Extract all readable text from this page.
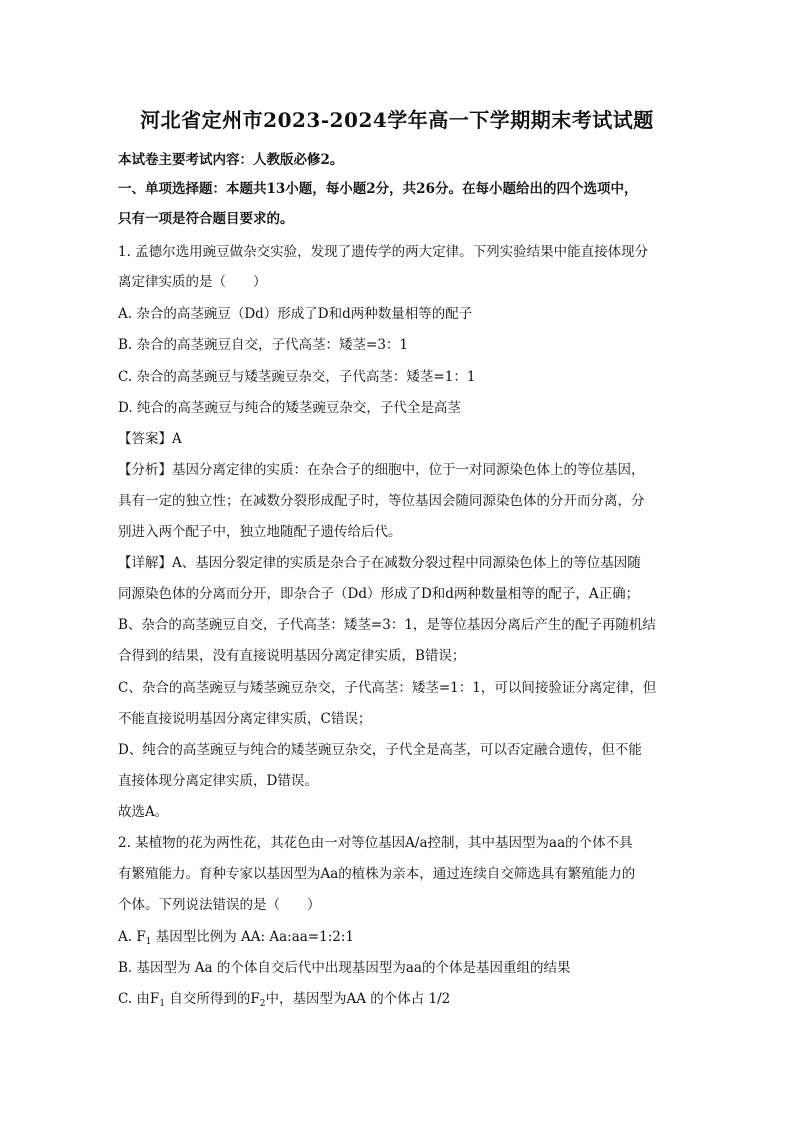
河北省定州市2023-2024学年高一下学期期末考试试题
本试卷主要考试内容：人教版必修2。
一、单项选择题：本题共13小题，每小题2分，共26分。在每小题给出的四个选项中，
只有一项是符合题目要求的。
1. 孟德尔选用豌豆做杂交实验，发现了遗传学的两大定律。下列实验结果中能直接体现分
离定律实质的是（　　）
A. 杂合的高茎豌豆（Dd）形成了D和d两种数量相等的配子
B. 杂合的高茎豌豆自交，子代高茎：矮茎=3：1
C. 杂合的高茎豌豆与矮茎豌豆杂交，子代高茎：矮茎=1：1
D. 纯合的高茎豌豆与纯合的矮茎豌豆杂交，子代全是高茎
【答案】A
【分析】基因分离定律的实质：在杂合子的细胞中，位于一对同源染色体上的等位基因，
具有一定的独立性；在减数分裂形成配子时，等位基因会随同源染色体的分开而分离，分
别进入两个配子中，独立地随配子遗传给后代。
【详解】A、基因分裂定律的实质是杂合子在减数分裂过程中同源染色体上的等位基因随
同源染色体的分离而分开，即杂合子（Dd）形成了D和d两种数量相等的配子，A正确；
B、杂合的高茎豌豆自交，子代高茎：矮茎=3：1，是等位基因分离后产生的配子再随机结
合得到的结果，没有直接说明基因分离定律实质，B错误；
C、杂合的高茎豌豆与矮茎豌豆杂交，子代高茎：矮茎=1：1，可以间接验证分离定律，但
不能直接说明基因分离定律实质，C错误；
D、纯合的高茎豌豆与纯合的矮茎豌豆杂交，子代全是高茎，可以否定融合遗传，但不能
直接体现分离定律实质，D错误。
故选A。
2. 某植物的花为两性花，其花色由一对等位基因A/a控制，其中基因型为aa的个体不具
有繁殖能力。育种专家以基因型为Aa的植株为亲本，通过连续自交筛选具有繁殖能力的
个体。下列说法错误的是（　　）
A. $F_1$ 基因型比例为 AA: Aa:aa=1:2:1
B. 基因型为 Aa 的个体自交后代中出现基因型为aa的个体是基因重组的结果
C. 由$F_1$ 自交所得到的$F_2$中，基因型为AA 的个体占 1/2
